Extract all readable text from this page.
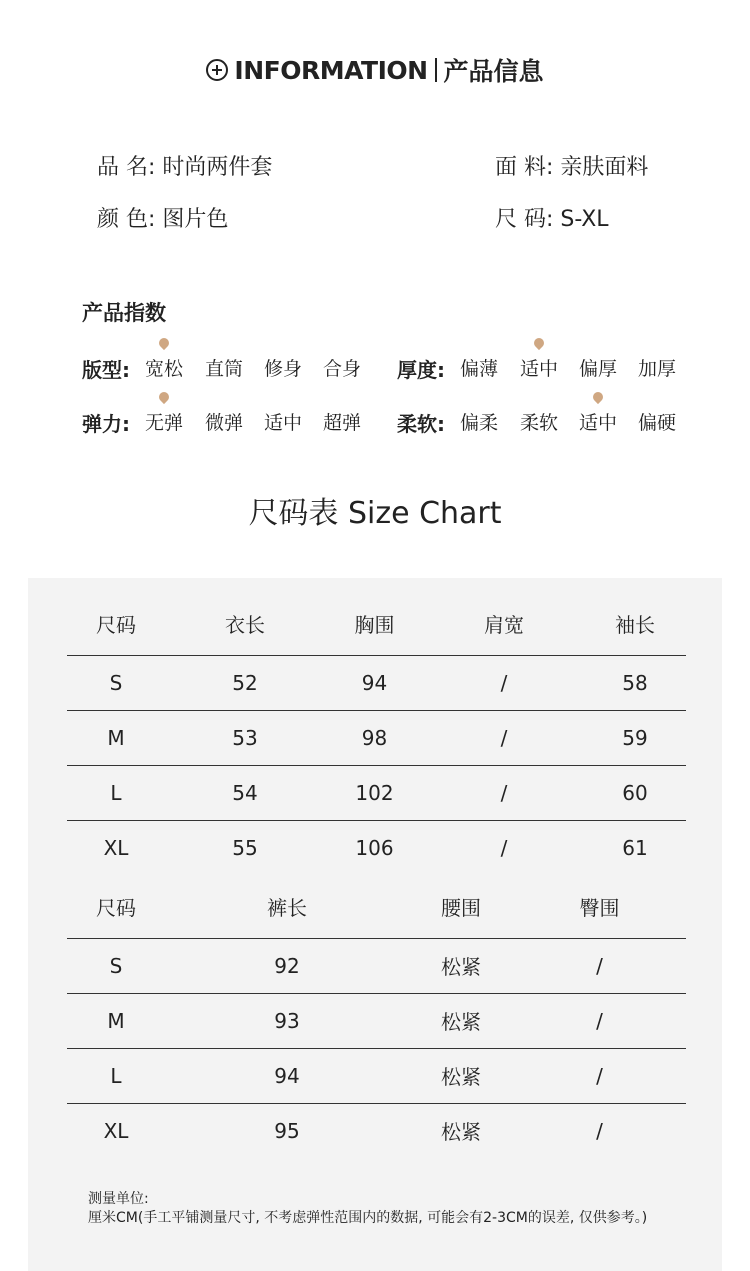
INFORMATION 产品信息
品 名: 时尚两件套	面 料: 亲肤面料
颜 色: 图片色	尺 码: S-XL
产品指数
版型: 宽松 直筒 修身 合身 厚度: 偏薄 适中 偏厚 加厚
弹力: 无弹 微弹 适中 超弹 柔软: 偏柔 柔软 适中 偏硬
尺码表 Size Chart
尺码	衣长	胸围	肩宽	袖长
S	52	94	/	58
M	53	98	/	59
L	54	102	/	60
XL	55	106	/	61
尺码	裤长	腰围	臀围
S	92	松紧	/
M	93	松紧	/
L	94	松紧	/
XL	95	松紧	/
测量单位:
厘米CM(手工平铺测量尺寸, 不考虑弹性范围内的数据, 可能会有2-3CM的误差, 仅供参考。)
